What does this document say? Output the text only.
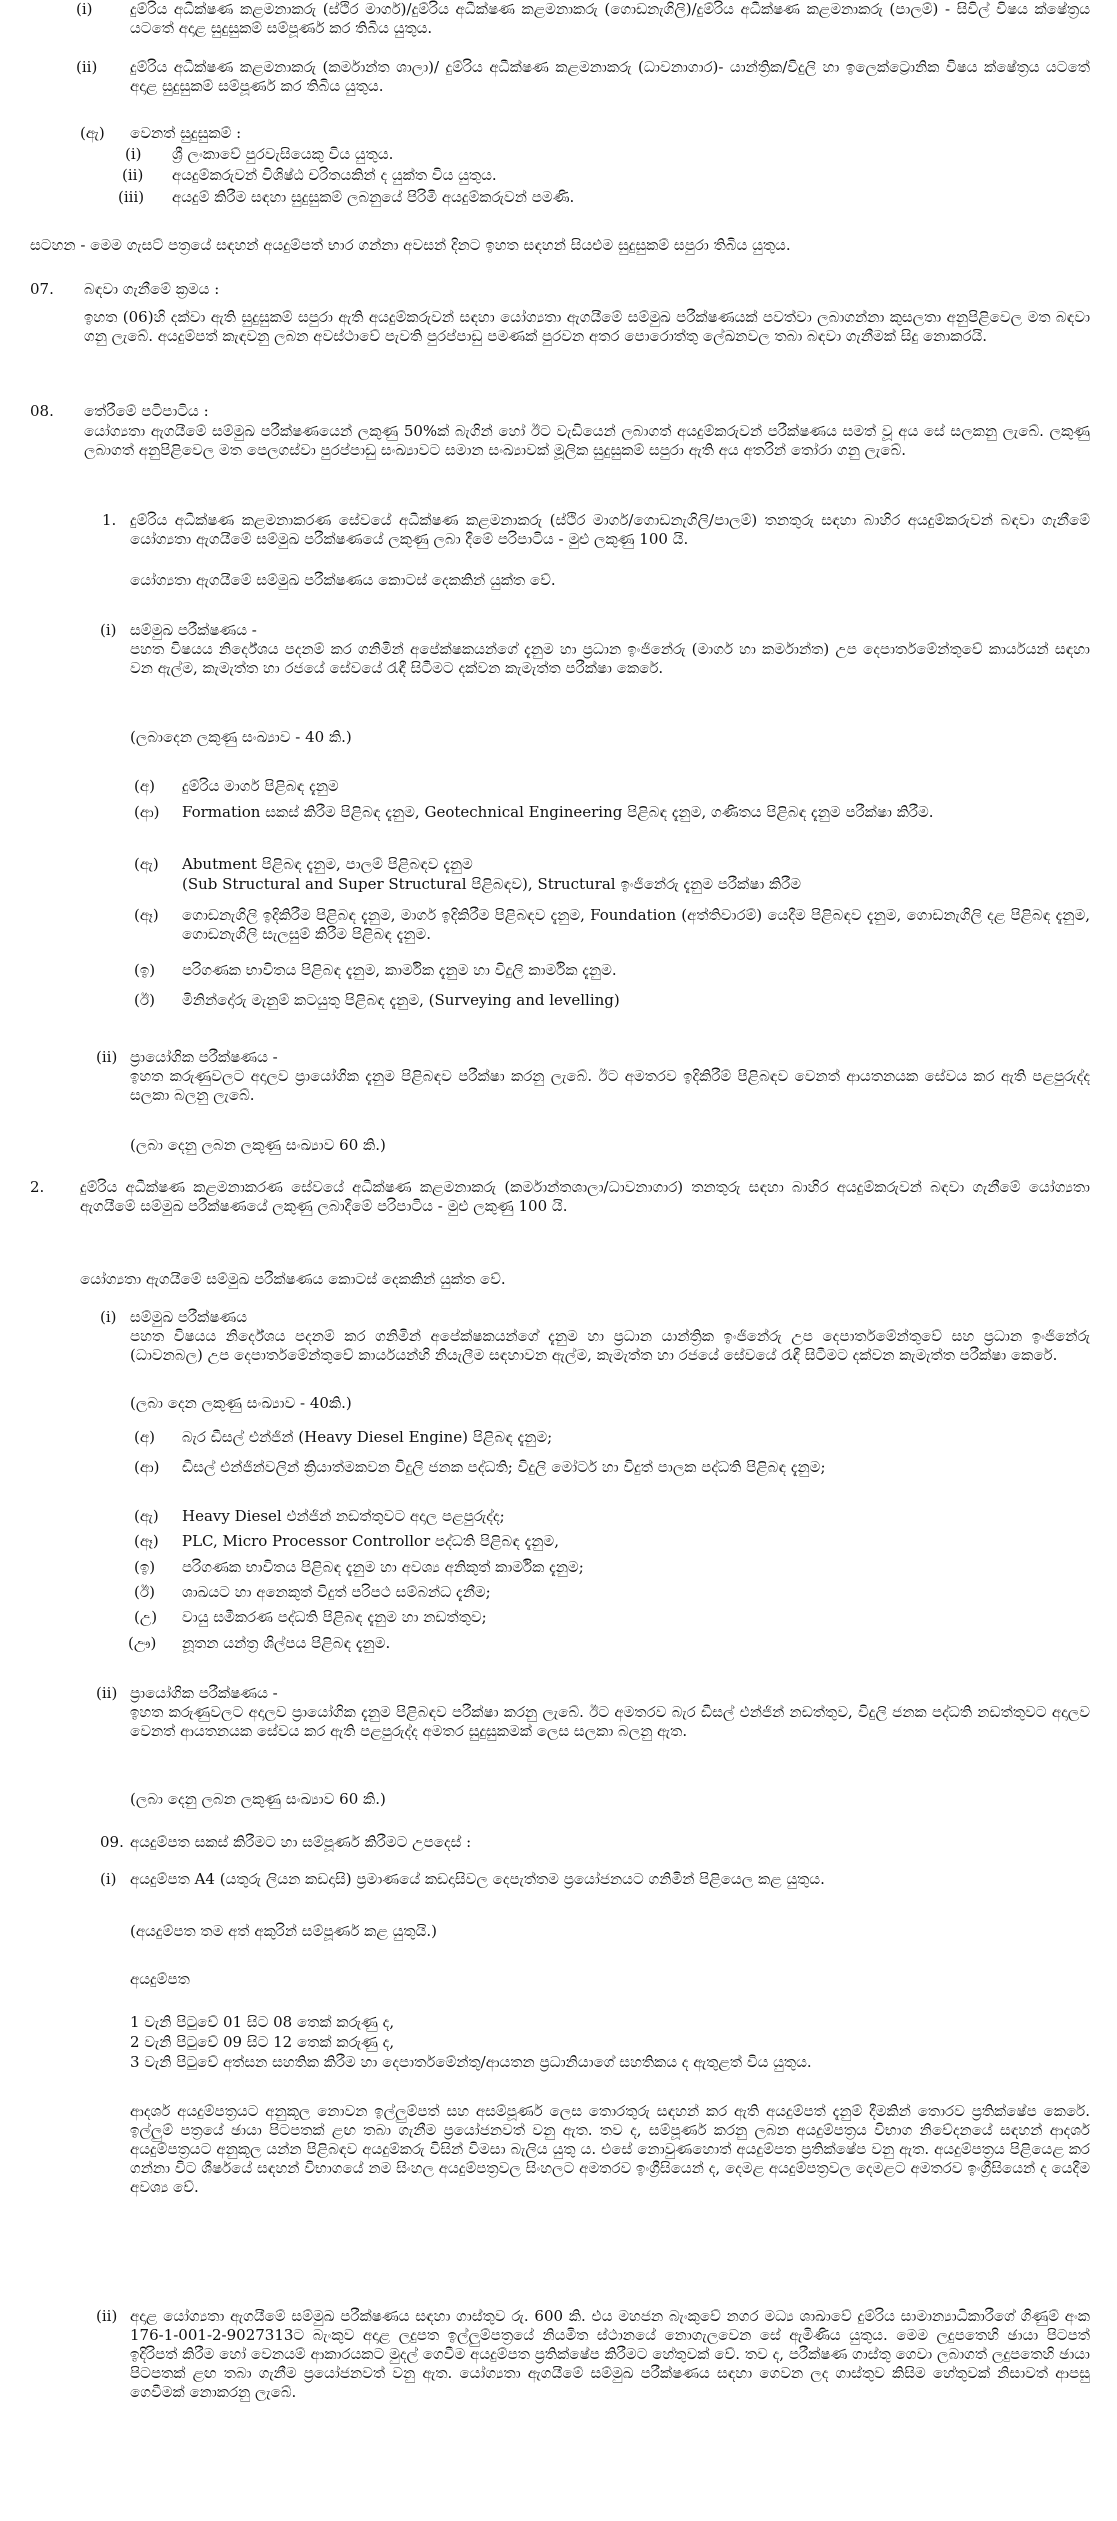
(i)	දුම්රිය අධීක්ෂණ කළමනාකරු (ස්ථිර මාර්ග)/දුම්රිය අධීක්ෂණ කළමනාකරු (ගොඩනැගිලි)/දුම්රිය අධීක්ෂණ කළමනාකරු (පාලම්) - සිවිල් විෂය ක්ෂේත්‍රය යටතේ අදාළ සුදුසුකම් සම්පූර්ණ කර තිබිය යුතුය.
(ii)	දුම්රිය අධීක්ෂණ කළමනාකරු (කර්මාන්ත ශාලා)/ දුම්රිය අධීක්ෂණ කළමනාකරු (ධාවනාගාර)- යාන්ත්‍රික/විදුලි හා ඉලෙක්ට්‍රොනික විෂය ක්ෂේත්‍රය යටතේ අදාළ සුදුසුකම් සම්පූර්ණ කර තිබිය යුතුය.
(ඇ)	වෙනත් සුදුසුකම් :
(i)	ශ්‍රී ලංකාවේ පුරවැසියෙකු විය යුතුය.
(ii)	අයදුම්කරුවන් විශිෂ්ඨ චරිතයකින් ද යුක්ත විය යුතුය.
(iii)	අයදුම් කිරීම සඳහා සුදුසුකම් ලබනුයේ පිරිමි අයදුම්කරුවන් පමණි.
සටහන - මෙම ගැසට් පත්‍රයේ සඳහන් අයදුම්පත් භාර ගන්නා අවසන් දිනට ඉහත සඳහන් සියළුම සුදුසුකම් සපුරා තිබිය යුතුය.
07.	බඳවා ගැනීමේ ක්‍රමය :
ඉහත (06)හි දක්වා ඇති සුදුසුකම් සපුරා ඇති අයදුම්කරුවන් සඳහා යෝග්‍යතා ඇගයීමේ සම්මුඛ පරීක්ෂණයක් පවත්වා ලබාගන්නා කුසලතා අනුපිළිවෙල මත බඳවා ගනු ලැබේ. අයදුම්පත් කැඳවනු ලබන අවස්ථාවේ පැවති පුරප්පාඩු පමණක් පුරවන අතර පොරොත්තු ලේඛනවල තබා බඳවා ගැනීමක් සිදු නොකරයි.
08.	තේරීමේ පටිපාටිය :
යෝග්‍යතා ඇගයීමේ සම්මුඛ පරීක්ෂණයෙන් ලකුණු 50%ක් බැගින් හෝ ඊට වැඩියෙන් ලබාගත් අයදුම්කරුවන් පරීක්ෂණය සමත් වූ අය සේ සලකනු ලැබේ. ලකුණු ලබාගත් අනුපිළිවෙල මත පෙලගස්වා පුරප්පාඩු සංඛ්‍යාවට සමාන සංඛ්‍යාවක් මූලික සුදුසුකම් සපුරා ඇති අය අතරින් තෝරා ගනු ලැබේ.
1. දුම්රිය අධීක්ෂණ කළමනාකරණ සේවයේ අධීක්ෂණ කළමනාකරු (ස්ථිර මාර්ග/ගොඩනැගිලි/පාලම්) තනතුරු සඳහා බාහිර අයදුම්කරුවන් බඳවා ගැනීමේ යෝග්‍යතා ඇගයීමේ සම්මුඛ පරීක්ෂණයේ ලකුණු ලබා දීමේ පරිපාටිය - මුළු ලකුණු 100 යි.
යෝග්‍යතා ඇගයීමේ සම්මුඛ පරීක්ෂණය කොටස් දෙකකින් යුක්ත වේ.
(i) සම්මුඛ පරීක්ෂණය -
පහත විෂයය නිර්දේශය පදනම් කර ගනිමින් අපේක්ෂකයන්ගේ දැනුම හා ප්‍රධාන ඉංජිනේරු (මාර්ග හා කර්මාන්ත) උප දෙපාර්තමේන්තුවේ කාර්යයන් සඳහා වන ඇල්ම, කැමැත්ත හා රජයේ සේවයේ රැඳී සිටීමට දක්වන කැමැත්ත පරීක්ෂා කෙරේ.
(ලබාදෙන ලකුණු සංඛ්‍යාව - 40 කි.)
(අ)	දුම්රිය මාර්ග පිළිබඳ දැනුම
(ආ)	Formation සකස් කිරීම පිළිබඳ දැනුම, Geotechnical Engineering පිළිබඳ දැනුම, ගණිතය පිළිබඳ දැනුම පරීක්ෂා කිරීම.
(ඇ)	Abutment පිළිබඳ දැනුම, පාලම් පිළිබඳව දැනුම
(Sub Structural and Super Structural පිළිබඳව), Structural ඉංජිනේරු දැනුම පරීක්ෂා කිරීම
(ඈ)	ගොඩනැගිලි ඉදිකිරීම පිළිබඳ දැනුම, මාර්ග ඉදිකිරීම පිළිබඳව දැනුම, Foundation (අත්තිවාරම්) යෙදීම පිළිබඳව දැනුම, ගොඩනැගිලි දළ පිළිබඳ දැනුම, ගොඩනැගිලි සැලසුම් කිරීම පිළිබඳ දැනුම.
(ඉ)	පරිගණක භාවිතය පිළිබඳ දැනුම, කාර්මික දැනුම හා විදුලි කාර්මික දැනුම.
(ඊ)	මිනින්දෝරු මැනුම් කටයුතු පිළිබඳ දැනුම, (Surveying and levelling)
(ii) ප්‍රායෝගික පරීක්ෂණය -
ඉහත කරුණුවලට අදාලව ප්‍රායෝගික දැනුම පිළිබඳව පරීක්ෂා කරනු ලැබේ. ඊට අමතරව ඉදිකිරීම් පිළිබඳව වෙනත් ආයතනයක සේවය කර ඇති පළපුරුද්ද සලකා බලනු ලැබේ.
(ලබා දෙනු ලබන ලකුණු සංඛ්‍යාව 60 කි.)
2.	දුම්රිය අධීක්ෂණ කළමනාකරණ සේවයේ අධීක්ෂණ කළමනාකරු (කර්මාන්තශාලා/ධාවනාගාර) තනතුරු සඳහා බාහිර අයදුම්කරුවන් බඳවා ගැනීමේ යෝග්‍යතා ඇගයීමේ සම්මුඛ පරීක්ෂණයේ ලකුණු ලබාදීමේ පරිපාටිය - මුළු ලකුණු 100 යි.
යෝග්‍යතා ඇගයීමේ සම්මුඛ පරීක්ෂණය කොටස් දෙකකින් යුක්ත වේ.
(i) සම්මුඛ පරීක්ෂණය
පහත විෂයය නිර්දේශය පදනම් කර ගනිමින් අපේක්ෂකයන්ගේ දැනුම හා ප්‍රධාන යාන්ත්‍රික ඉංජිනේරු උප දෙපාර්තමේන්තුවේ සහ ප්‍රධාන ඉංජිනේරු (ධාවනබල) උප දෙපාර්තමේන්තුවේ කාර්යයන්හි නියැලීම සඳහාවන ඇල්ම, කැමැත්ත හා රජයේ සේවයේ රැඳී සිටීමට දක්වන කැමැත්ත පරීක්ෂා කෙරේ.
(ලබා දෙන ලකුණු සංඛ්‍යාව - 40කි.)
(අ)	බැර ඩීසල් එන්ජින් (Heavy Diesel Engine) පිළිබඳ දැනුම;
(ආ)	ඩීසල් එන්ජින්වලින් ක්‍රියාත්මකවන විදුලි ජනක පද්ධති; විදුලි මෝටර් හා විදුත් පාලක පද්ධති පිළිබඳ දැනුම;
(ඇ)	Heavy Diesel එන්ජින් නඩත්තුවට අදාල පළපුරුද්ද;
(ඈ)	PLC, Micro Processor Controllor පද්ධති පිළිබඳ දැනුම,
(ඉ)	පරිගණක භාවිතය පිළිබඳ දැනුම හා අවශ්‍ය අනිකුත් කාර්මික දැනුම;
(ඊ)	ශාඛයට හා අනෙකුත් විදුත් පරිපථ සම්බන්ධ දැනීම;
(උ)	වායු සමීකරණ පද්ධති පිළිබඳ දැනුම හා නඩත්තුව;
(ඌ)	නූතන යන්ත්‍ර ශිල්පය පිළිබඳ දැනුම.
(ii) ප්‍රායෝගික පරීක්ෂණය -
ඉහත කරුණුවලට අදාලව ප්‍රායෝගික දැනුම පිළිබඳව පරීක්ෂා කරනු ලැබේ. ඊට අමතරව බැර ඩීසල් එන්ජින් නඩත්තුව, විදුලි ජනක පද්ධති නඩත්තුවට අදාලව වෙනත් ආයතනයක සේවය කර ඇති පළපුරුද්ද අමතර සුදුසුකමක් ලෙස සලකා බලනු ඇත.
(ලබා දෙනු ලබන ලකුණු සංඛ්‍යාව 60 කි.)
09. අයදුම්පත සකස් කිරීමට හා සම්පූර්ණ කිරීමට උපදෙස් :
(i) අයදුම්පත A4 (යතුරු ලියන කඩදාසි) ප්‍රමාණයේ කඩදාසිවල දෙපැත්තම ප්‍රයෝජනයට ගනිමින් පිළියෙල කළ යුතුය.
(අයදුම්පත තම අත් අකුරින් සම්පූර්ණ කළ යුතුයි.)
අයදුම්පත
1 වැනි පිටුවේ 01 සිට 08 තෙක් කරුණු ද,
2 වැනි පිටුවේ 09 සිට 12 තෙක් කරුණු ද,
3 වැනි පිටුවේ අත්සන සහතික කිරීම හා දෙපාර්තමේන්තු/ආයතන ප්‍රධානියාගේ සහතිකය ද ඇතුළත් විය යුතුය.
ආදර්ශ අයදුම්පත්‍රයට අනුකූල නොවන ඉල්ලුම්පත් සහ අසම්පූර්ණ ලෙස තොරතුරු සඳහන් කර ඇති අයදුම්පත් දැනුම් දීමකින් තොරව ප්‍රතික්ෂේප කෙරේ. ඉල්ලුම් පත්‍රයේ ඡායා පිටපතක් ළඟ තබා ගැනීම ප්‍රයෝජනවත් වනු ඇත. තව ද, සම්පූර්ණ කරනු ලබන අයදුම්පත්‍රය විභාග නිවේදනයේ සඳහන් ආදර්ශ අයදුම්පත්‍රයට අනුකූල යන්න පිළිබඳව අයදුම්කරු විසින් විමසා බැලිය යුතු ය. එසේ නොවුණහොත් අයදුම්පත ප්‍රතික්ෂේප වනු ඇත. අයදුම්පත්‍රය පිළියෙළ කර ගන්නා විට ශීර්ෂයේ සඳහන් විභාගයේ නම සිංහල අයදුම්පත්‍රවල සිංහලට අමතරව ඉංග්‍රීසියෙන් ද, දෙමළ අයදුම්පත්‍රවල දෙමළට අමතරව ඉංග්‍රීසියෙන් ද යෙදීම අවශ්‍ය වේ.
(ii) අදාළ යෝග්‍යතා ඇගයීමේ සම්මුඛ පරීක්ෂණය සඳහා ගාස්තුව රු. 600 කි. එය මහජන බැංකුවේ නගර මධ්‍ය ශාඛාවේ දුම්රිය සාමාන්‍යාධිකාරීගේ ගිණුම් අංක 176-1-001-2-9027313ට බැංකුව අදාළ ලදුපත ඉල්ලුම්පත්‍රයේ නියමිත ස්ථානයේ නොගැලවෙන සේ ඇමිණිය යුතුය. මෙම ලදුපතෙහි ඡායා පිටපත් ඉදිරිපත් කිරීම හෝ වෙනයම් ආකාරයකට මුදල් ගෙවීම අයදුම්පත ප්‍රතික්ෂේප කිරීමට හේතුවක් වේ. තව ද, පරීක්ෂණ ගාස්තු ගෙවා ලබාගත් ලදුපතෙහි ඡායා පිටපතක් ළඟ තබා ගැනීම ප්‍රයෝජනවත් වනු ඇත. යෝග්‍යතා ඇගයීමේ සම්මුඛ පරීක්ෂණය සඳහා ගෙවන ලද ගාස්තුව කිසිම හේතුවක් නිසාවත් ආපසු ගෙවීමක් නොකරනු ලැබේ.
